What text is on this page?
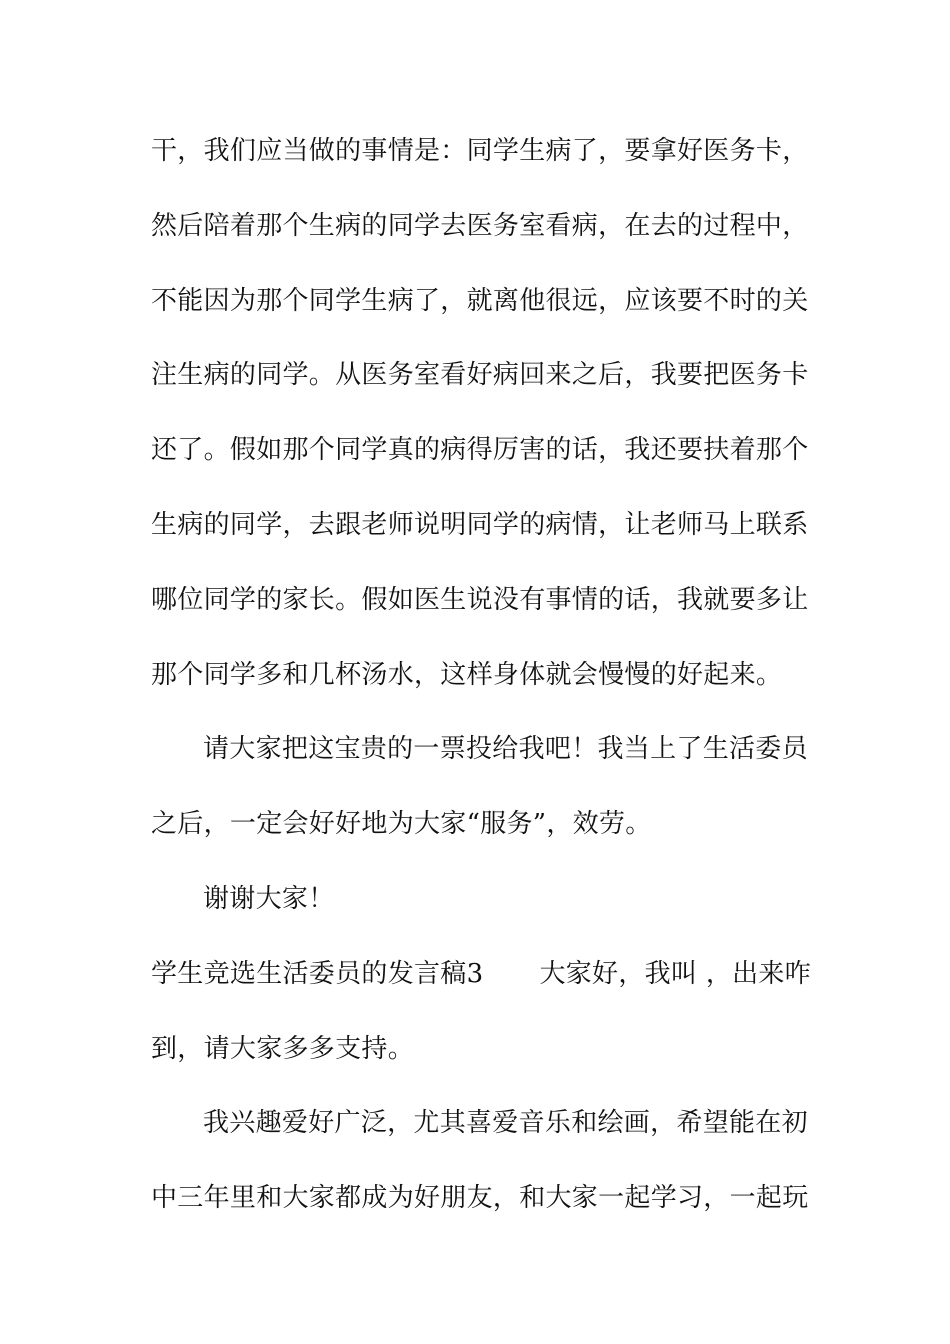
干，我们应当做的事情是：同学生病了，要拿好医务卡，
然后陪着那个生病的同学去医务室看病，在去的过程中，
不能因为那个同学生病了，就离他很远，应该要不时的关
注生病的同学。从医务室看好病回来之后，我要把医务卡
还了。假如那个同学真的病得厉害的话，我还要扶着那个
生病的同学，去跟老师说明同学的病情，让老师马上联系
哪位同学的家长。假如医生说没有事情的话，我就要多让
那个同学多和几杯汤水，这样身体就会慢慢的好起来。
请大家把这宝贵的一票投给我吧！我当上了生活委员
之后，一定会好好地为大家“服务”，效劳。
谢谢大家！
学生竞选生活委员的发言稿3 大家好，我叫 ，出来咋
到，请大家多多支持。
我兴趣爱好广泛，尤其喜爱音乐和绘画，希望能在初
中三年里和大家都成为好朋友，和大家一起学习，一起玩
